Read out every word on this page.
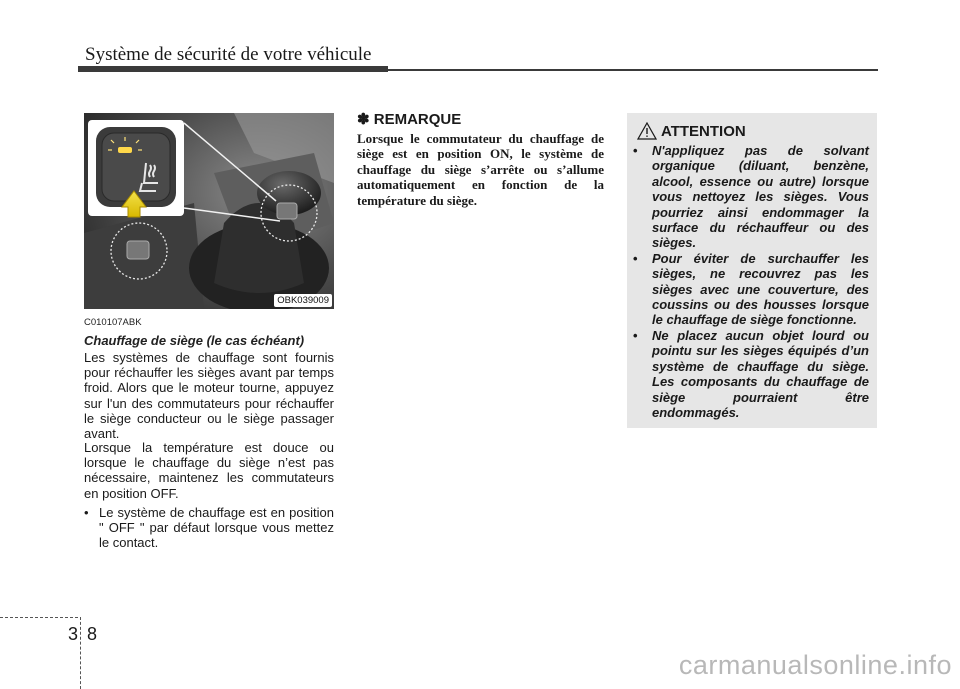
Système de sécurité de votre véhicule
OBK039009
C010107ABK
Chauffage de siège (le cas échéant)

Les systèmes de chauffage sont fournis pour réchauffer les sièges avant par temps froid. Alors que le moteur tourne, appuyez sur l'un des commutateurs pour réchauffer le siège conducteur ou le siège passager avant.

Lorsque la température est douce ou lorsque le chauffage du siège n’est pas nécessaire, maintenez les commutateurs en position OFF.

• Le système de chauffage est en position " OFF " par défaut lorsque vous mettez le contact.
✽ REMARQUE

Lorsque le commutateur du chauffage de siège est en position ON, le système de chauffage du siège s’arrête ou s’allume automatiquement en fonction de la température du siège.

ATTENTION
• N'appliquez pas de solvant organique (diluant, benzène, alcool, essence ou autre) lorsque vous nettoyez les sièges. Vous pourriez ainsi endommager la surface du réchauffeur ou des sièges.
• Pour éviter de surchauffer les sièges, ne recouvrez pas les sièges avec une couverture, des coussins ou des housses lorsque le chauffage de siège fonctionne.
• Ne placez aucun objet lourd ou pointu sur les sièges équipés d’un système de chauffage du siège. Les composants du chauffage de siège pourraient être endommagés.
3 8
carmanualsonline.info
